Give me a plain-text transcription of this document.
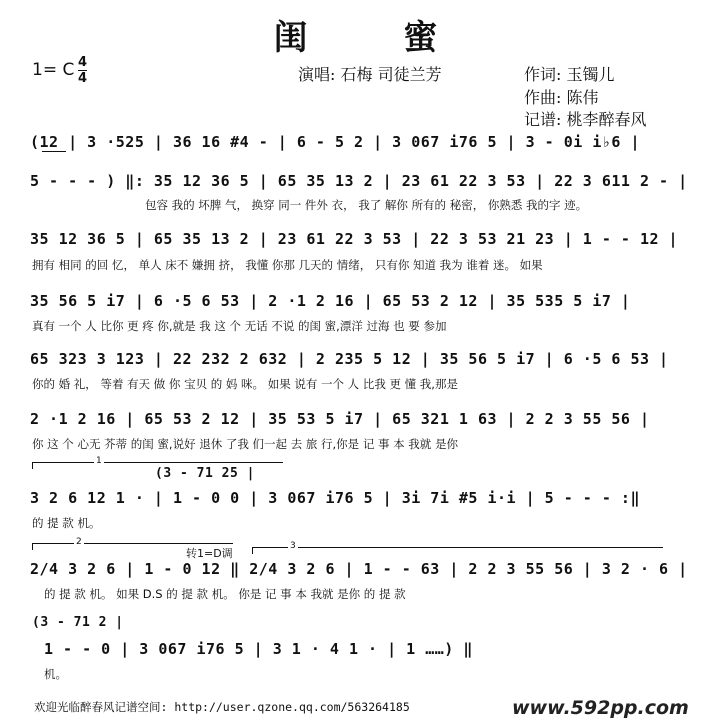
闺 蜜
1= C 4
4	演唱: 石梅 司徒兰芳	作词: 玉镯儿
作曲: 陈伟
记谱: 桃李醉春风
(12 | 3 ·525 | 36 16 #4 - | 6 - 5 2 | 3 067 i76 5 | 3 - 0i i♭6 |
5 - - - ) ‖: 35 12 36 5 | 65 35 13 2 | 23 61 22 3 53 | 22 3 611 2 - |
包容 我的 坏脾 气， 换穿 同一 件外 衣， 我了 解你 所有的 秘密， 你熟悉 我的字 迹。
35 12 36 5 | 65 35 13 2 | 23 61 22 3 53 | 22 3 53 21 23 | 1 - - 12 |
拥有 相同 的回 忆， 单人 床不 嫌拥 挤， 我懂 你那 几天的 情绪， 只有你 知道 我为 谁着 迷。 如果
35 56 5 i7 | 6 ·5 6 53 | 2 ·1 2 16 | 65 53 2 12 | 35 535 5 i7 |
真有 一个 人 比你 更 疼 你,就是 我 这 个 无话 不说 的闺 蜜,漂洋 过海 也 要 参加
65 323 3 123 | 22 232 2 632 | 2 235 5 12 | 35 56 5 i7 | 6 ·5 6 53 |
你的 婚 礼， 等着 有天 做 你 宝贝 的 妈 咪。 如果 说有 一个 人 比我 更 懂 我,那是
2 ·1 2 16 | 65 53 2 12 | 35 53 5 i7 | 65 321 1 63 | 2 2 3 55 56 |
你 这 个 心无 芥蒂 的闺 蜜,说好 退休 了我 们一起 去 旅 行,你是 记 事 本 我就 是你
1
(3 - 71 25 |
3 2 6 12 1 · | 1 - 0 0 | 3 067 i76 5 | 3i 7i #5 i·i | 5 - - - :‖
的 提 款 机。
2	3
转1=D调
2/4 3 2 6 | 1 - 0 12 ‖ 2/4 3 2 6 | 1 - - 63 | 2 2 3 55 56 | 3 2 · 6 |
的 提 款 机。 如果 D.S 的 提 款 机。 你是 记 事 本 我就 是你 的 提 款
(3 - 71 2 |
1 - - 0 | 3 067 i76 5 | 3 1 · 4 1 · | 1 ……) ‖
机。
欢迎光临醉春风记谱空间: http://user.qzone.qq.com/563264185	www.592pp.com
